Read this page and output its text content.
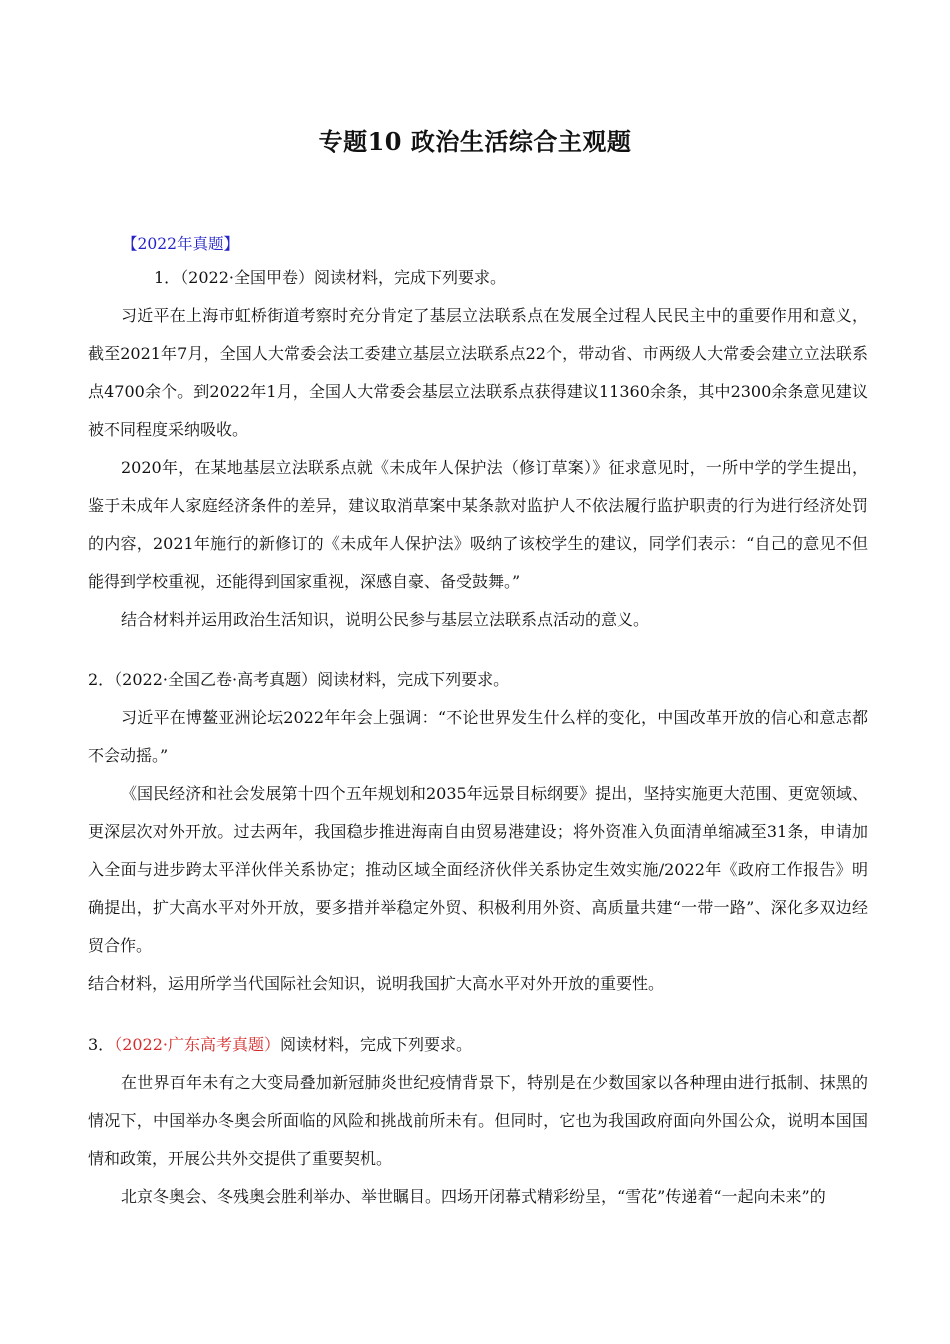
专题10 政治生活综合主观题
【2022年真题】
1．（2022·全国甲卷）阅读材料，完成下列要求。

习近平在上海市虹桥街道考察时充分肯定了基层立法联系点在发展全过程人民民主中的重要作用和意义，截至2021年7月，全国人大常委会法工委建立基层立法联系点22个，带动省、市两级人大常委会建立立法联系点4700余个。到2022年1月，全国人大常委会基层立法联系点获得建议11360余条，其中2300余条意见建议被不同程度采纳吸收。

2020年，在某地基层立法联系点就《未成年人保护法（修订草案）》征求意见时，一所中学的学生提出，鉴于未成年人家庭经济条件的差异，建议取消草案中某条款对监护人不依法履行监护职责的行为进行经济处罚的内容，2021年施行的新修订的《未成年人保护法》吸纳了该校学生的建议，同学们表示：“自己的意见不但能得到学校重视，还能得到国家重视，深感自豪、备受鼓舞。”

结合材料并运用政治生活知识，说明公民参与基层立法联系点活动的意义。

2．（2022·全国乙卷·高考真题）阅读材料，完成下列要求。

习近平在博鳌亚洲论坛2022年年会上强调：“不论世界发生什么样的变化，中国改革开放的信心和意志都不会动摇。”

《国民经济和社会发展第十四个五年规划和2035年远景目标纲要》提出，坚持实施更大范围、更宽领域、更深层次对外开放。过去两年，我国稳步推进海南自由贸易港建设；将外资准入负面清单缩减至31条，申请加入全面与进步跨太平洋伙伴关系协定；推动区域全面经济伙伴关系协定生效实施/2022年《政府工作报告》明确提出，扩大高水平对外开放，要多措并举稳定外贸、积极利用外资、高质量共建“一带一路”、深化多双边经贸合作。

结合材料，运用所学当代国际社会知识，说明我国扩大高水平对外开放的重要性。

3．（2022·广东高考真题）阅读材料，完成下列要求。

在世界百年未有之大变局叠加新冠肺炎世纪疫情背景下，特别是在少数国家以各种理由进行抵制、抹黑的情况下，中国举办冬奥会所面临的风险和挑战前所未有。但同时，它也为我国政府面向外国公众，说明本国国情和政策，开展公共外交提供了重要契机。

北京冬奥会、冬残奥会胜利举办、举世瞩目。四场开闭幕式精彩纷呈，“雪花”传递着“一起向未来”的
